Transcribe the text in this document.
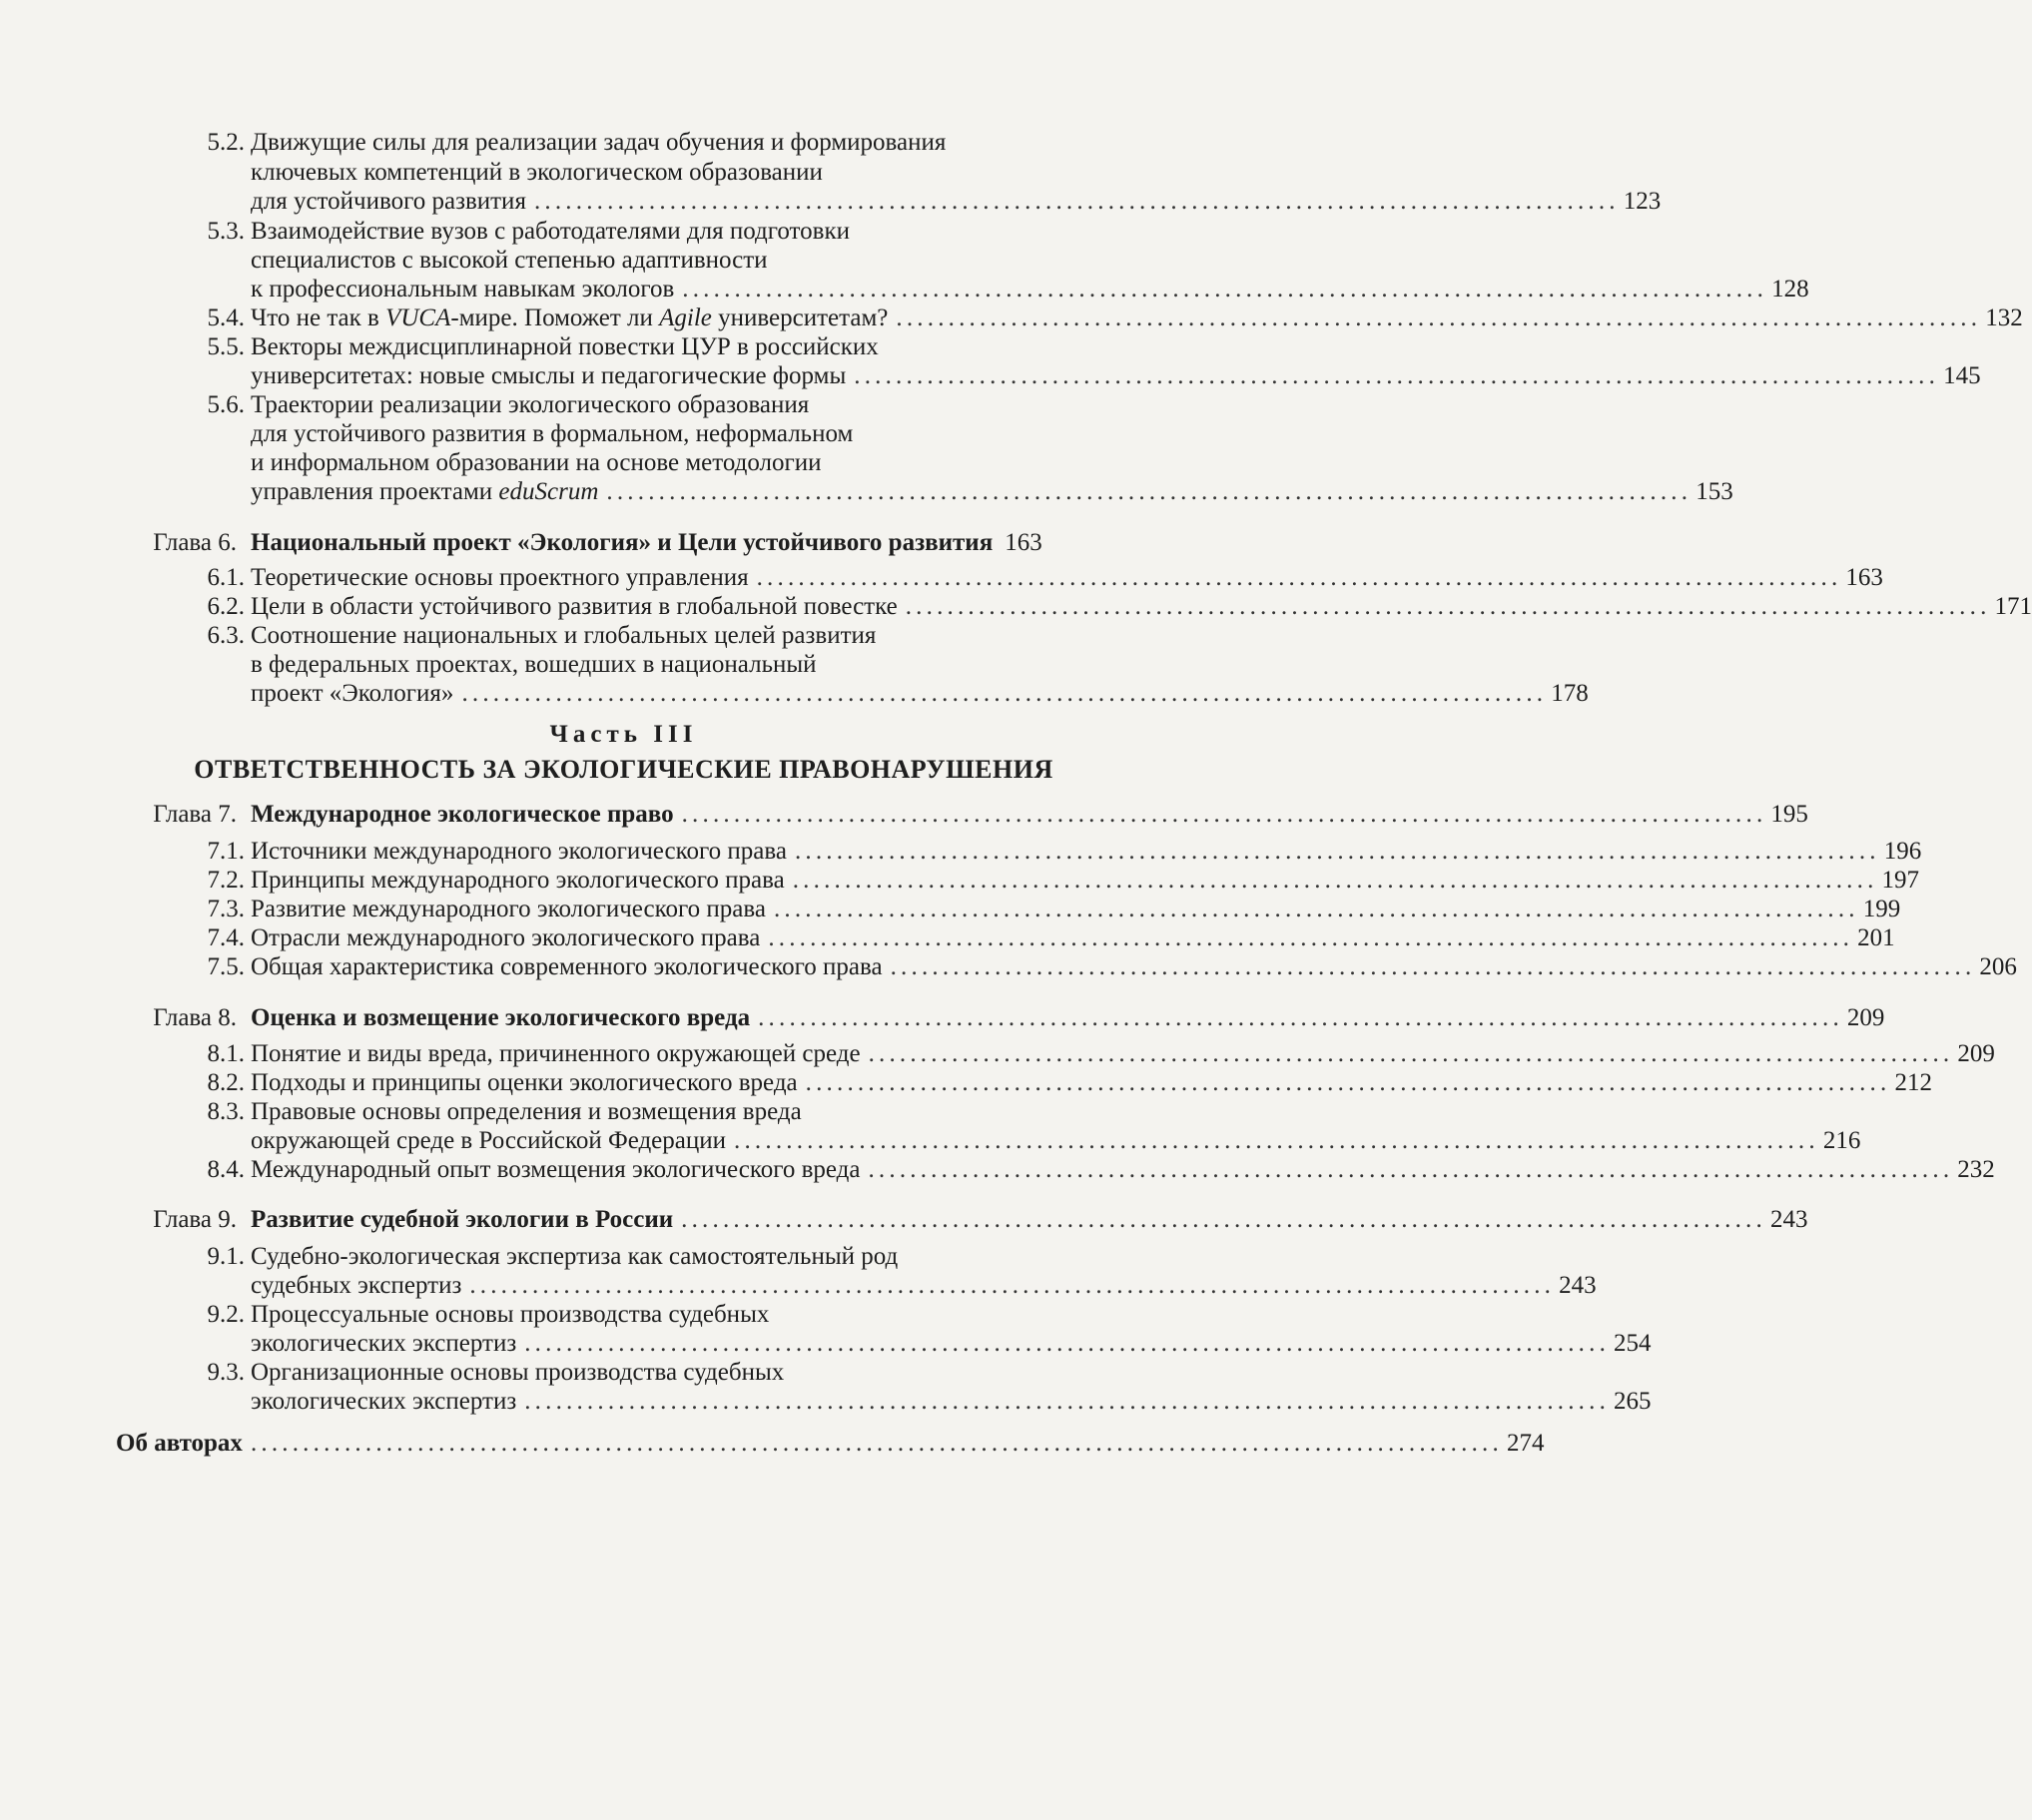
5.2. Движущие силы для реализации задач обучения и формирования
ключевых компетенций в экологическом образовании
для устойчивого развития ........................................................................................................ 123
5.3. Взаимодействие вузов с работодателями для подготовки
специалистов с высокой степенью адаптивности
к профессиональным навыкам экологов ........................................................................................................ 128
5.4. Что не так в VUCA-мире. Поможет ли Agile университетам? ........................................................................................................ 132
5.5. Векторы междисциплинарной повестки ЦУР в российских
университетах: новые смыслы и педагогические формы ........................................................................................................ 145
5.6. Траектории реализации экологического образования
для устойчивого развития в формальном, неформальном
и информальном образовании на основе методологии
управления проектами eduScrum ........................................................................................................ 153
Глава 6. Национальный проект «Экология» и Цели устойчивого развития 163
6.1. Теоретические основы проектного управления ........................................................................................................ 163
6.2. Цели в области устойчивого развития в глобальной повестке ........................................................................................................ 171
6.3. Соотношение национальных и глобальных целей развития
в федеральных проектах, вошедших в национальный
проект «Экология» ........................................................................................................ 178
Часть III
ОТВЕТСТВЕННОСТЬ ЗА ЭКОЛОГИЧЕСКИЕ ПРАВОНАРУШЕНИЯ
Глава 7. Международное экологическое право ........................................................................................................ 195
7.1. Источники международного экологического права ........................................................................................................ 196
7.2. Принципы международного экологического права ........................................................................................................ 197
7.3. Развитие международного экологического права ........................................................................................................ 199
7.4. Отрасли международного экологического права ........................................................................................................ 201
7.5. Общая характеристика современного экологического права ........................................................................................................ 206
Глава 8. Оценка и возмещение экологического вреда ........................................................................................................ 209
8.1. Понятие и виды вреда, причиненного окружающей среде ........................................................................................................ 209
8.2. Подходы и принципы оценки экологического вреда ........................................................................................................ 212
8.3. Правовые основы определения и возмещения вреда
окружающей среде в Российской Федерации ........................................................................................................ 216
8.4. Международный опыт возмещения экологического вреда ........................................................................................................ 232
Глава 9. Развитие судебной экологии в России ........................................................................................................ 243
9.1. Судебно-экологическая экспертиза как самостоятельный род
судебных экспертиз ........................................................................................................ 243
9.2. Процессуальные основы производства судебных
экологических экспертиз ........................................................................................................ 254
9.3. Организационные основы производства судебных
экологических экспертиз ........................................................................................................ 265
Об авторах ........................................................................................................................ 274
